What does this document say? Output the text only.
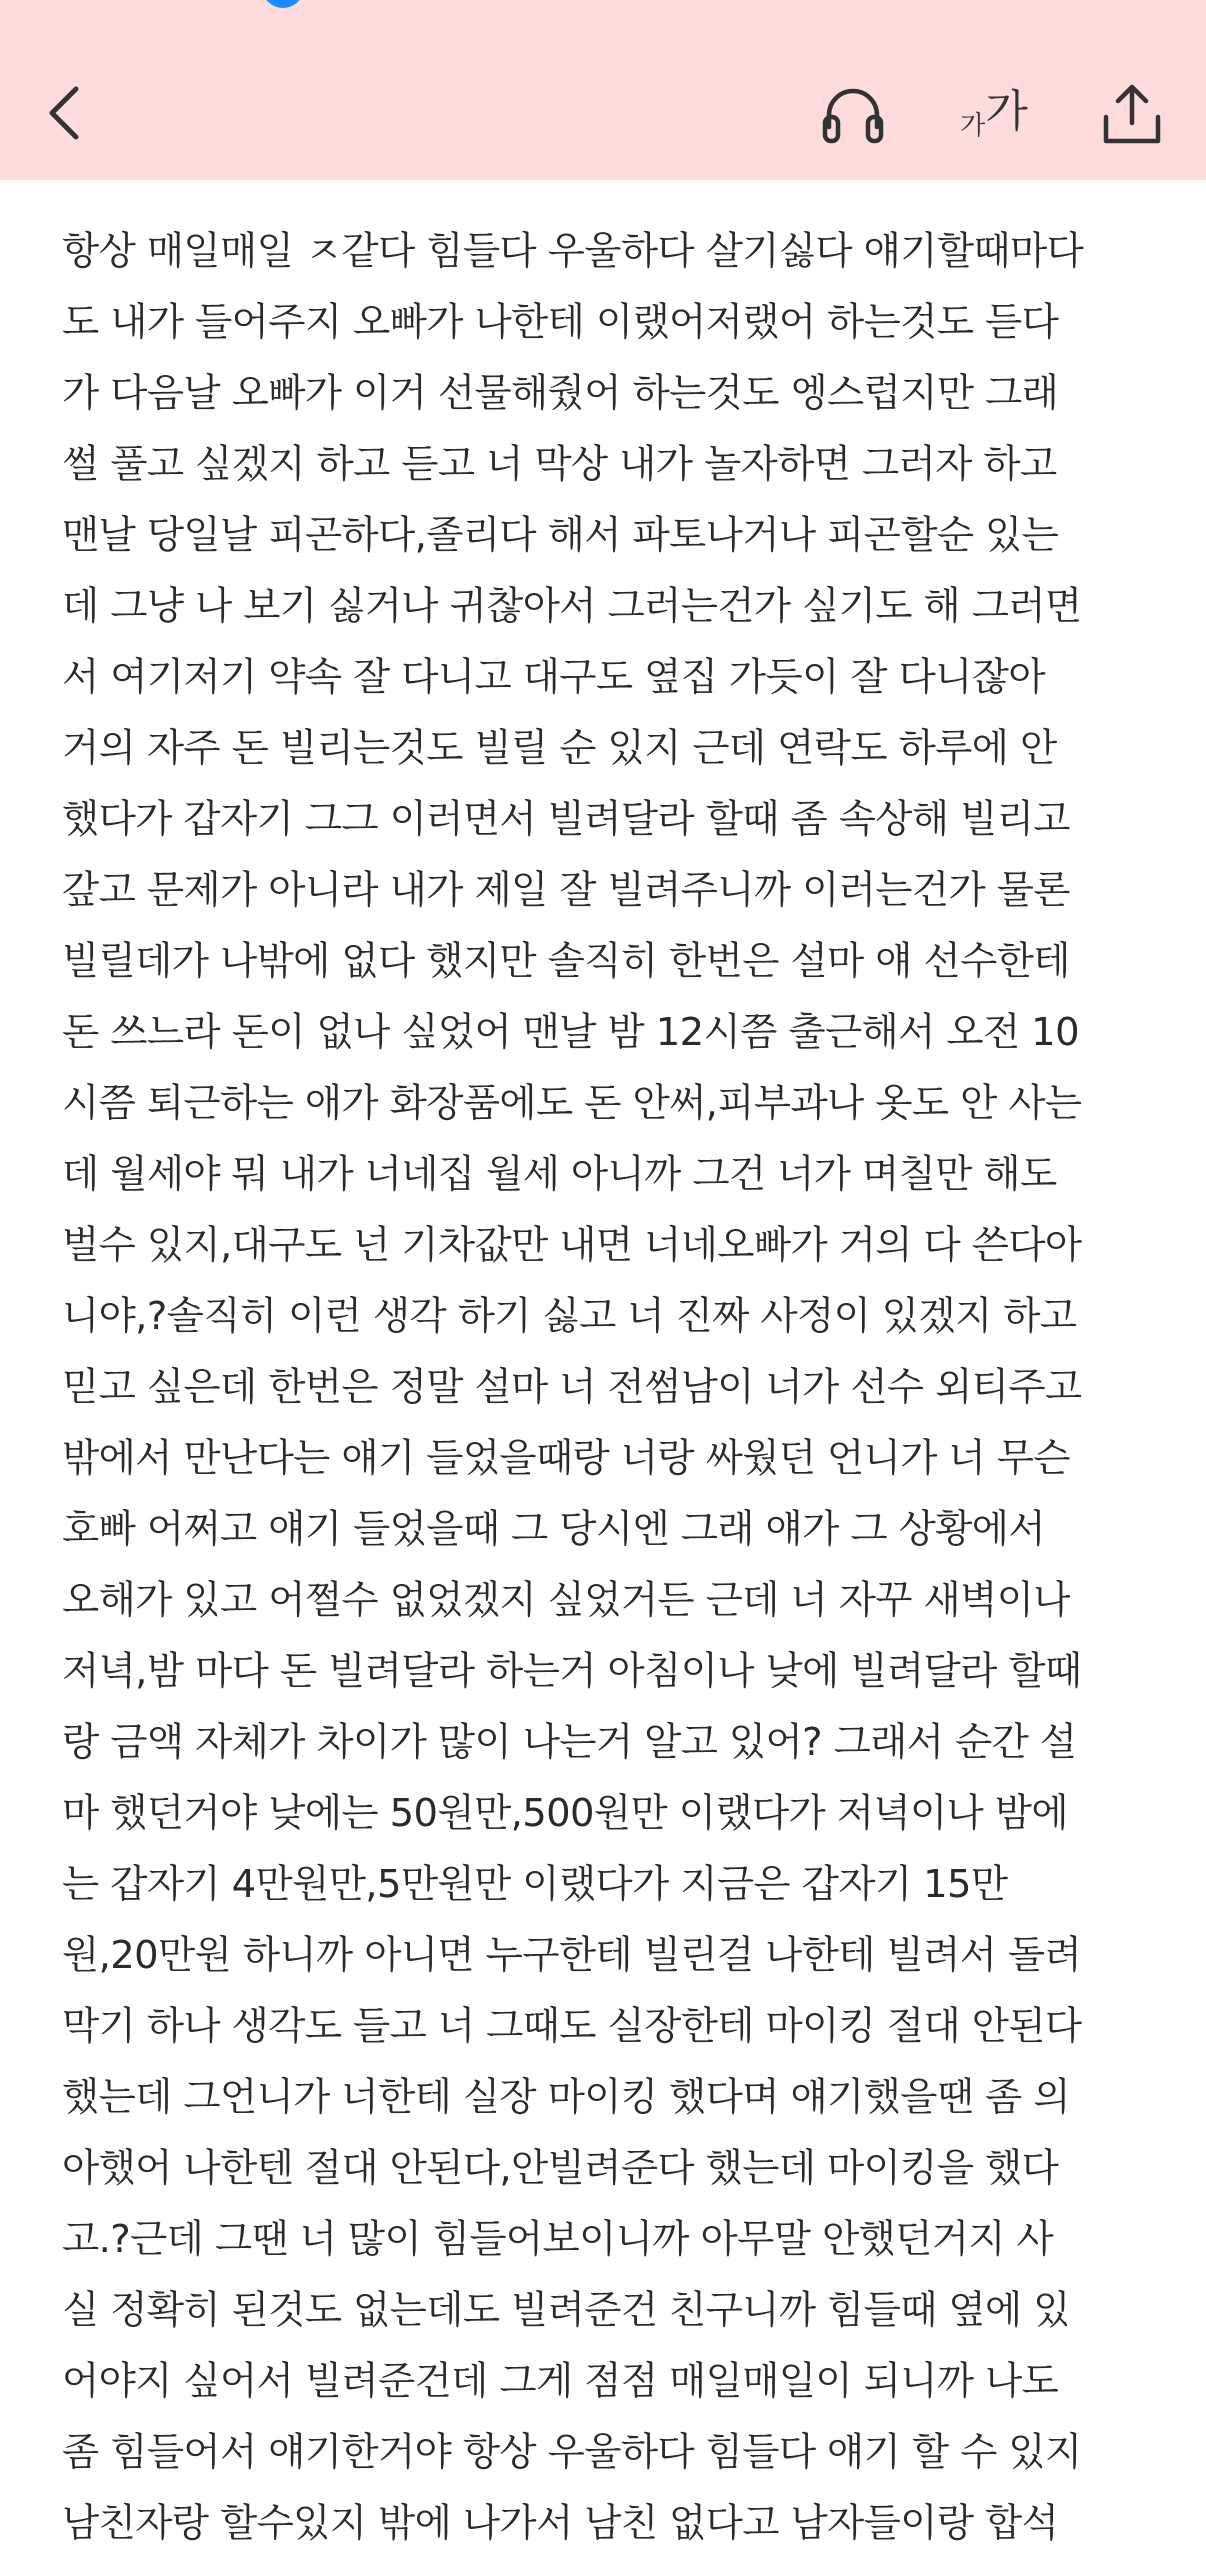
가가
항상 매일매일 ㅈ같다 힘들다 우울하다 살기싫다 얘기할때마다
도 내가 들어주지 오빠가 나한테 이랬어저랬어 하는것도 듣다
가 다음날 오빠가 이거 선물해줬어 하는것도 엥스럽지만 그래
썰 풀고 싶겠지 하고 듣고 너 막상 내가 놀자하면 그러자 하고
맨날 당일날 피곤하다,졸리다 해서 파토나거나 피곤할순 있는
데 그냥 나 보기 싫거나 귀찮아서 그러는건가 싶기도 해 그러면
서 여기저기 약속 잘 다니고 대구도 옆집 가듯이 잘 다니잖아
거의 자주 돈 빌리는것도 빌릴 순 있지 근데 연락도 하루에 안
했다가 갑자기 그그 이러면서 빌려달라 할때 좀 속상해 빌리고
갚고 문제가 아니라 내가 제일 잘 빌려주니까 이러는건가 물론
빌릴데가 나밖에 없다 했지만 솔직히 한번은 설마 얘 선수한테
돈 쓰느라 돈이 없나 싶었어 맨날 밤 12시쯤 출근해서 오전 10
시쯤 퇴근하는 애가 화장품에도 돈 안써,피부과나 옷도 안 사는
데 월세야 뭐 내가 너네집 월세 아니까 그건 너가 며칠만 해도
벌수 있지,대구도 넌 기차값만 내면 너네오빠가 거의 다 쓴다아
니야,?솔직히 이런 생각 하기 싫고 너 진짜 사정이 있겠지 하고
믿고 싶은데 한번은 정말 설마 너 전썸남이 너가 선수 외티주고
밖에서 만난다는 얘기 들었을때랑 너랑 싸웠던 언니가 너 무슨
호빠 어쩌고 얘기 들었을때 그 당시엔 그래 얘가 그 상황에서
오해가 있고 어쩔수 없었겠지 싶었거든 근데 너 자꾸 새벽이나
저녁,밤 마다 돈 빌려달라 하는거 아침이나 낮에 빌려달라 할때
랑 금액 자체가 차이가 많이 나는거 알고 있어? 그래서 순간 설
마 했던거야 낮에는 50원만,500원만 이랬다가 저녁이나 밤에
는 갑자기 4만원만,5만원만 이랬다가 지금은 갑자기 15만
원,20만원 하니까 아니면 누구한테 빌린걸 나한테 빌려서 돌려
막기 하나 생각도 들고 너 그때도 실장한테 마이킹 절대 안된다
했는데 그언니가 너한테 실장 마이킹 했다며 얘기했을땐 좀 의
아했어 나한텐 절대 안된다,안빌려준다 했는데 마이킹을 했다
고.?근데 그땐 너 많이 힘들어보이니까 아무말 안했던거지 사
실 정확히 된것도 없는데도 빌려준건 친구니까 힘들때 옆에 있
어야지 싶어서 빌려준건데 그게 점점 매일매일이 되니까 나도
좀 힘들어서 얘기한거야 항상 우울하다 힘들다 얘기 할 수 있지
남친자랑 할수있지 밖에 나가서 남친 없다고 남자들이랑 합석
